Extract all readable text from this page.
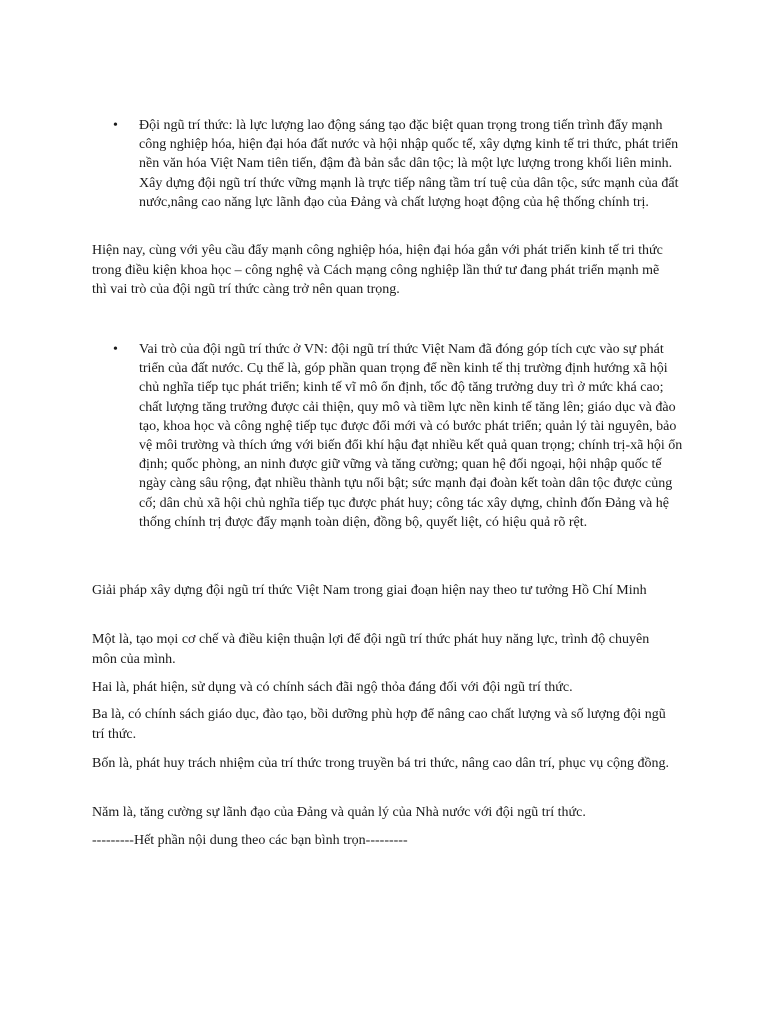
•	Đội ngũ trí thức: là lực lượng lao động sáng tạo đặc biệt quan trọng trong tiến trình đẩy mạnh công nghiệp hóa, hiện đại hóa đất nước và hội nhập quốc tế, xây dựng kinh tế tri thức, phát triển nền văn hóa Việt Nam tiên tiến, đậm đà bản sắc dân tộc; là một lực lượng trong khối liên minh. Xây dựng đội ngũ trí thức vững mạnh là trực tiếp nâng tầm trí tuệ của dân tộc, sức mạnh của đất nước,nâng cao năng lực lãnh đạo của Đảng và chất lượng hoạt động của hệ thống chính trị.

Hiện nay, cùng với yêu cầu đẩy mạnh công nghiệp hóa, hiện đại hóa gắn với phát triển kinh tế tri thức trong điều kiện khoa học – công nghệ và Cách mạng công nghiệp lần thứ tư đang phát triển mạnh mẽ thì vai trò của đội ngũ trí thức càng trở nên quan trọng.

•	Vai trò của đội ngũ trí thức ở VN: đội ngũ trí thức Việt Nam đã đóng góp tích cực vào sự phát triển của đất nước. Cụ thể là, góp phần quan trọng để nền kinh tế thị trường định hướng xã hội chủ nghĩa tiếp tục phát triển; kinh tế vĩ mô ổn định, tốc độ tăng trưởng duy trì ở mức khá cao; chất lượng tăng trưởng được cải thiện, quy mô và tiềm lực nền kinh tế tăng lên; giáo dục và đào tạo, khoa học và công nghệ tiếp tục được đổi mới và có bước phát triển; quản lý tài nguyên, bảo vệ môi trường và thích ứng với biến đổi khí hậu đạt nhiều kết quả quan trọng; chính trị-xã hội ổn định; quốc phòng, an ninh được giữ vững và tăng cường; quan hệ đối ngoại, hội nhập quốc tế ngày càng sâu rộng, đạt nhiều thành tựu nổi bật; sức mạnh đại đoàn kết toàn dân tộc được củng cố; dân chủ xã hội chủ nghĩa tiếp tục được phát huy; công tác xây dựng, chỉnh đốn Đảng và hệ thống chính trị được đẩy mạnh toàn diện, đồng bộ, quyết liệt, có hiệu quả rõ rệt.

Giải pháp xây dựng đội ngũ trí thức Việt Nam trong giai đoạn hiện nay theo tư tưởng Hồ Chí Minh

Một là, tạo mọi cơ chế và điều kiện thuận lợi để đội ngũ trí thức phát huy năng lực, trình độ chuyên môn của mình.

Hai là, phát hiện, sử dụng và có chính sách đãi ngộ thỏa đáng đối với đội ngũ trí thức.

Ba là, có chính sách giáo dục, đào tạo, bồi dưỡng phù hợp để nâng cao chất lượng và số lượng đội ngũ trí thức.

Bốn là, phát huy trách nhiệm của trí thức trong truyền bá tri thức, nâng cao dân trí, phục vụ cộng đồng.

Năm là, tăng cường sự lãnh đạo của Đảng và quản lý của Nhà nước với đội ngũ trí thức.

---------Hết phần nội dung theo các bạn bình trọn---------
